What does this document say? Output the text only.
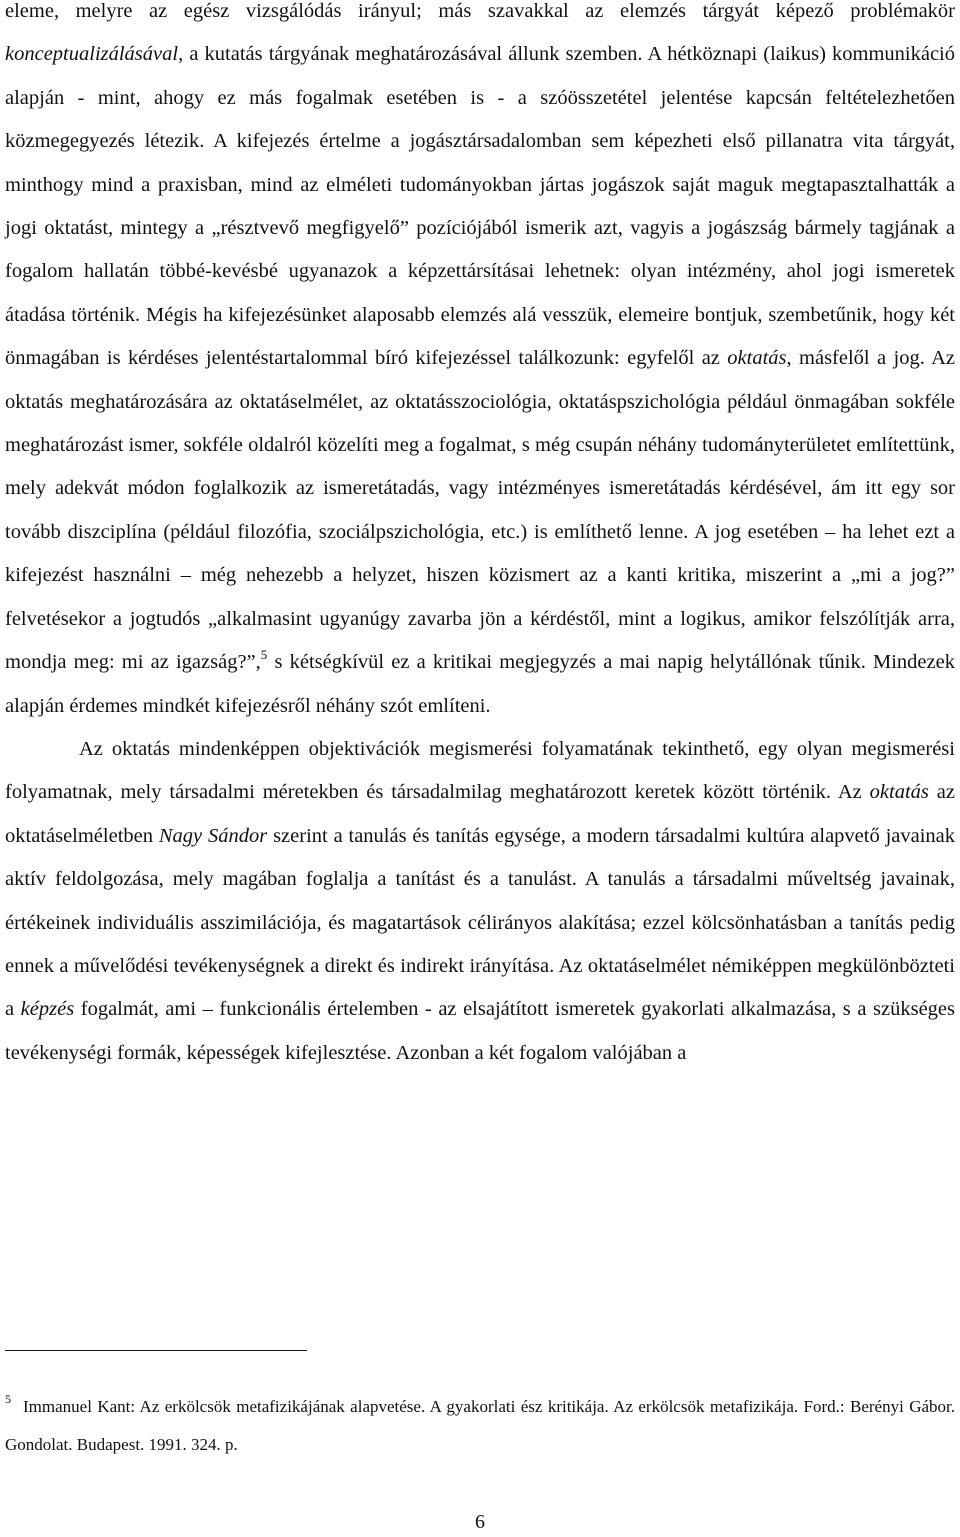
eleme, melyre az egész vizsgálódás irányul; más szavakkal az elemzés tárgyát képező problémakör konceptualizálásával, a kutatás tárgyának meghatározásával állunk szemben. A hétköznapi (laikus) kommunikáció alapján - mint, ahogy ez más fogalmak esetében is - a szóösszetétel jelentése kapcsán feltételezhetően közmegegyezés létezik. A kifejezés értelme a jogásztársadalomban sem képezheti első pillanatra vita tárgyát, minthogy mind a praxisban, mind az elméleti tudományokban jártas jogászok saját maguk megtapasztalhatták a jogi oktatást, mintegy a „résztvevő megfigyelő” pozíciójából ismerik azt, vagyis a jogászság bármely tagjának a fogalom hallatán többé-kevésbé ugyanazok a képzettársításai lehetnek: olyan intézmény, ahol jogi ismeretek átadása történik. Mégis ha kifejezésünket alaposabb elemzés alá vesszük, elemeire bontjuk, szembetűnik, hogy két önmagában is kérdéses jelentéstartalommal bíró kifejezéssel találkozunk: egyfelől az oktatás, másfelől a jog. Az oktatás meghatározására az oktatáselmélet, az oktatásszociológia, oktatáspszichológia például önmagában sokféle meghatározást ismer, sokféle oldalról közelíti meg a fogalmat, s még csupán néhány tudományterületet említettünk, mely adekvát módon foglalkozik az ismeretátadás, vagy intézményes ismeretátadás kérdésével, ám itt egy sor tovább diszciplína (például filozófia, szociálpszichológia, etc.) is említhető lenne. A jog esetében – ha lehet ezt a kifejezést használni – még nehezebb a helyzet, hiszen közismert az a kanti kritika, miszerint a „mi a jog?” felvetésekor a jogtudós „alkalmasint ugyanúgy zavarba jön a kérdéstől, mint a logikus, amikor felszólítják arra, mondja meg: mi az igazság?”,$^5$ s kétségkívül ez a kritikai megjegyzés a mai napig helytállónak tűnik. Mindezek alapján érdemes mindkét kifejezésről néhány szót említeni.

Az oktatás mindenképpen objektivációk megismerési folyamatának tekinthető, egy olyan megismerési folyamatnak, mely társadalmi méretekben és társadalmilag meghatározott keretek között történik. Az oktatás az oktatáselméletben Nagy Sándor szerint a tanulás és tanítás egysége, a modern társadalmi kultúra alapvető javainak aktív feldolgozása, mely magában foglalja a tanítást és a tanulást. A tanulás a társadalmi műveltség javainak, értékeinek individuális asszimilációja, és magatartások célirányos alakítása; ezzel kölcsönhatásban a tanítás pedig ennek a művelődési tevékenységnek a direkt és indirekt irányítása. Az oktatáselmélet némiképpen megkülönbözteti a képzés fogalmát, ami – funkcionális értelemben - az elsajátított ismeretek gyakorlati alkalmazása, s a szükséges tevékenységi formák, képességek kifejlesztése. Azonban a két fogalom valójában a

$^5$ Immanuel Kant: Az erkölcsök metafizikájának alapvetése. A gyakorlati ész kritikája. Az erkölcsök metafizikája. Ford.: Berényi Gábor. Gondolat. Budapest. 1991. 324. p.

6
